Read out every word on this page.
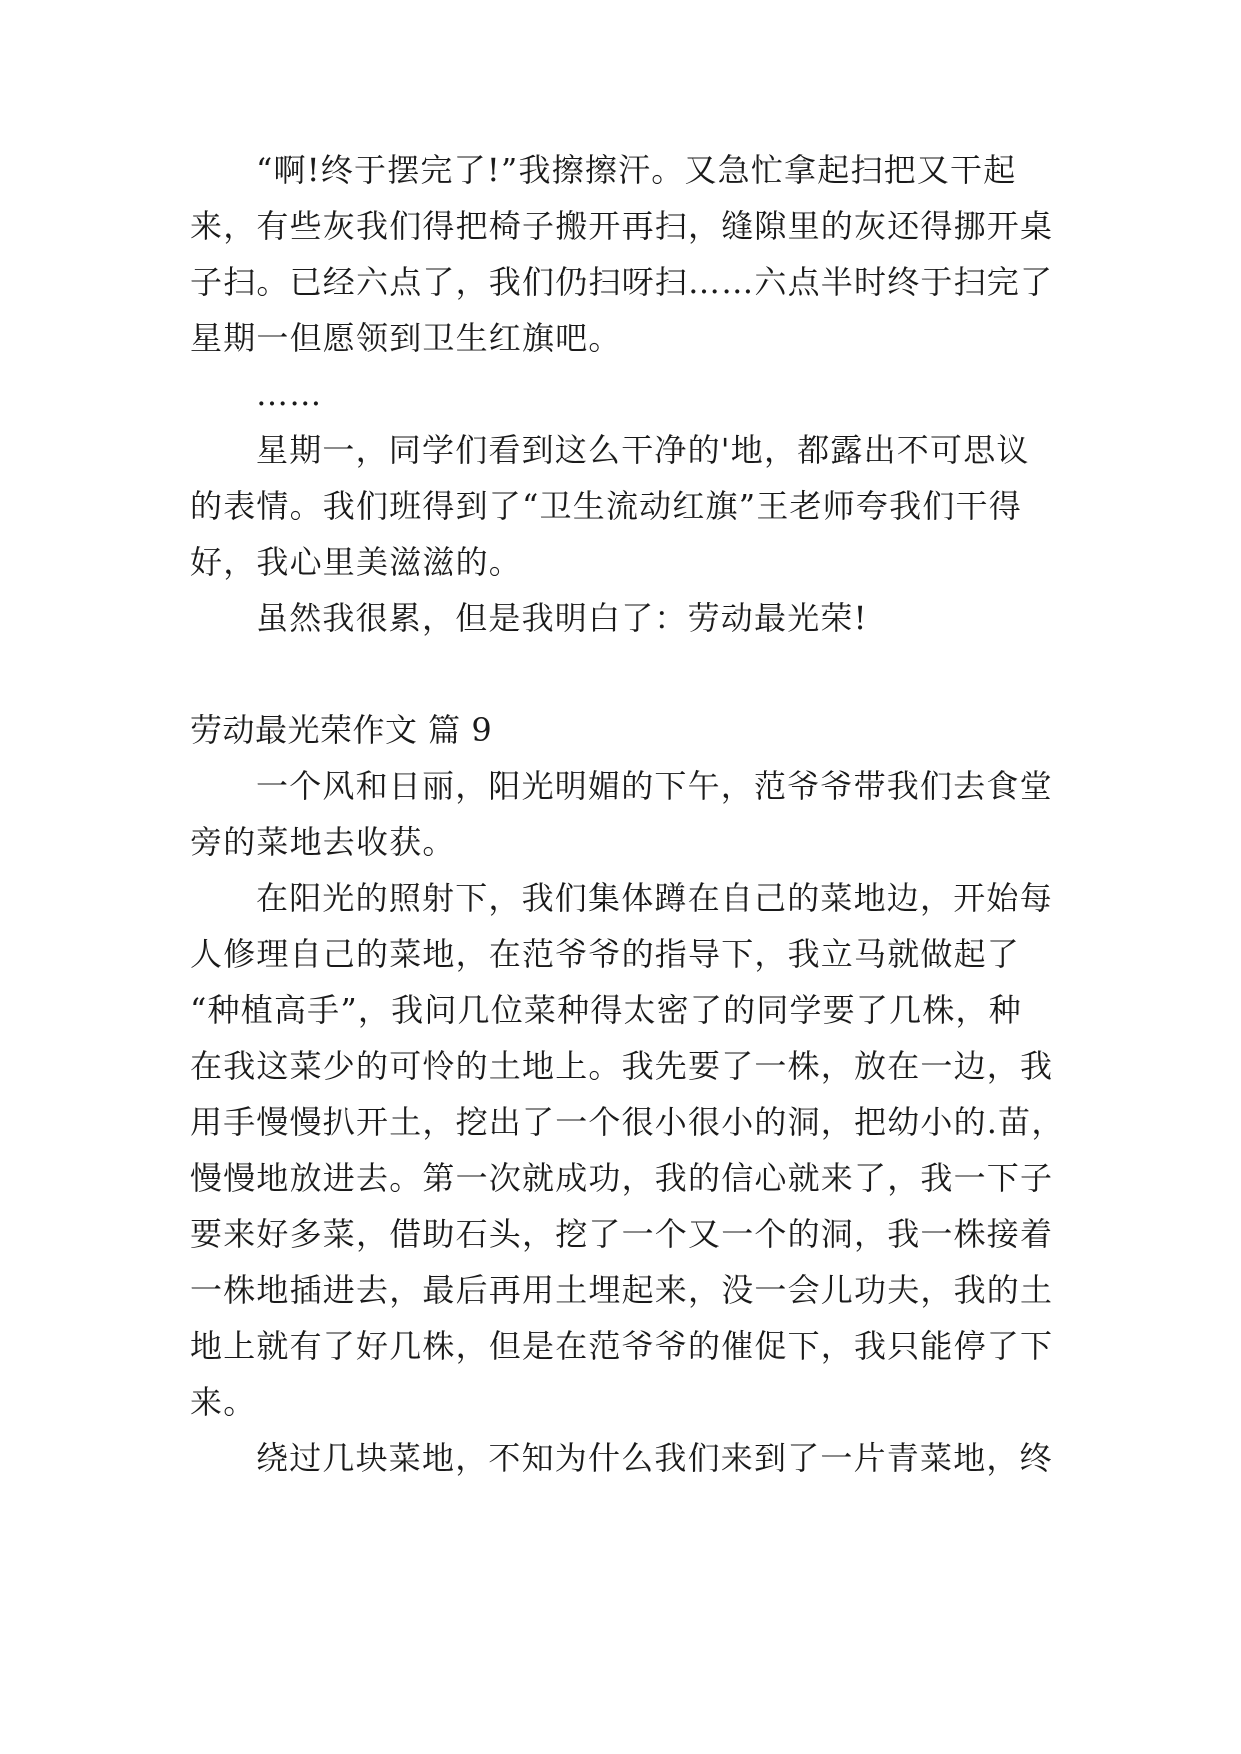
“啊!终于摆完了!”我擦擦汗。又急忙拿起扫把又干起
来，有些灰我们得把椅子搬开再扫，缝隙里的灰还得挪开桌
子扫。已经六点了，我们仍扫呀扫……六点半时终于扫完了
星期一但愿领到卫生红旗吧。
……
星期一，同学们看到这么干净的'地，都露出不可思议
的表情。我们班得到了“卫生流动红旗”王老师夸我们干得
好，我心里美滋滋的。
虽然我很累，但是我明白了：劳动最光荣!
劳动最光荣作文 篇 9
一个风和日丽，阳光明媚的下午，范爷爷带我们去食堂
旁的菜地去收获。
在阳光的照射下，我们集体蹲在自己的菜地边，开始每
人修理自己的菜地，在范爷爷的指导下，我立马就做起了
“种植高手”，我问几位菜种得太密了的同学要了几株，种
在我这菜少的可怜的土地上。我先要了一株，放在一边，我
用手慢慢扒开土，挖出了一个很小很小的洞，把幼小的.苗，
慢慢地放进去。第一次就成功，我的信心就来了，我一下子
要来好多菜，借助石头，挖了一个又一个的洞，我一株接着
一株地插进去，最后再用土埋起来，没一会儿功夫，我的土
地上就有了好几株，但是在范爷爷的催促下，我只能停了下
来。
绕过几块菜地，不知为什么我们来到了一片青菜地，终
